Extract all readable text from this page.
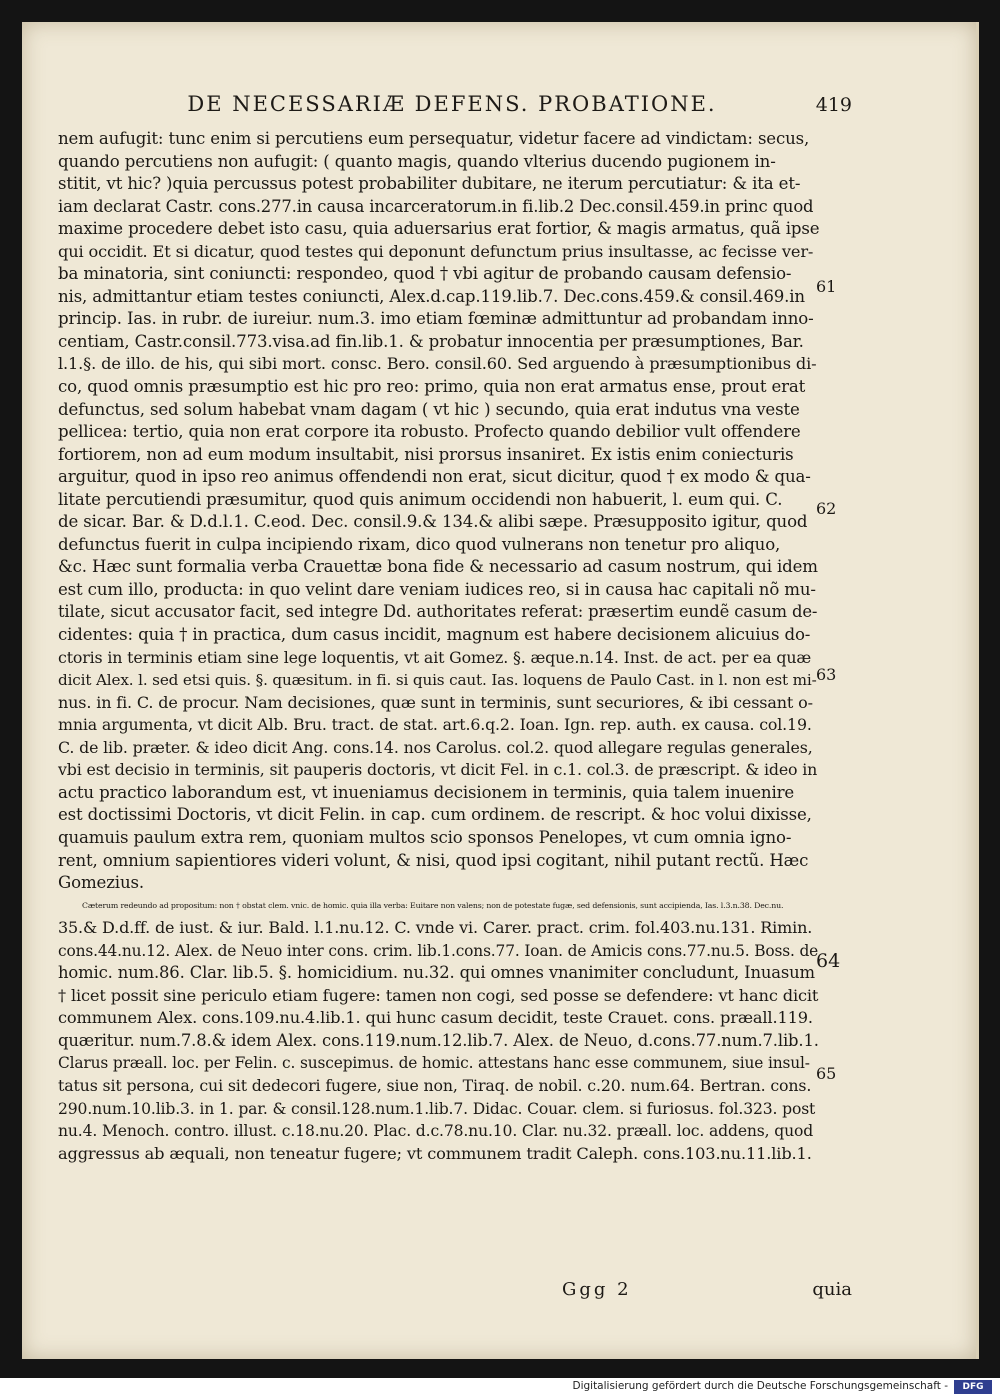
DE NECESSARIÆ DEFENS. PROBATIONE.	419
nem aufugit: tunc enim si percutiens eum persequatur, videtur facere ad vindictam: secus,
quando percutiens non aufugit: ( quanto magis, quando vlterius ducendo pugionem in-
stitit, vt hic? )quia percussus potest probabiliter dubitare, ne iterum percutiatur: & ita et-
iam declarat Castr. cons.277.in causa incarceratorum.in fi.lib.2 Dec.consil.459.in princ quod
maxime procedere debet isto casu, quia aduersarius erat fortior, & magis armatus, quã ipse
qui occidit. Et si dicatur, quod testes qui deponunt defunctum prius insultasse, ac fecisse ver-
ba minatoria, sint coniuncti: respondeo, quod † vbi agitur de probando causam defensio-
nis, admittantur etiam testes coniuncti, Alex.d.cap.119.lib.7. Dec.cons.459.& consil.469.in
princip. Ias. in rubr. de iureiur. num.3. imo etiam fœminæ admittuntur ad probandam inno-
centiam, Castr.consil.773.visa.ad fin.lib.1. & probatur innocentia per præsumptiones, Bar.
l.1.§. de illo. de his, qui sibi mort. consc. Bero. consil.60. Sed arguendo à præsumptionibus di-
co, quod omnis præsumptio est hic pro reo: primo, quia non erat armatus ense, prout erat
defunctus, sed solum habebat vnam dagam ( vt hic ) secundo, quia erat indutus vna veste
pellicea: tertio, quia non erat corpore ita robusto. Profecto quando debilior vult offendere
fortiorem, non ad eum modum insultabit, nisi prorsus insaniret. Ex istis enim coniecturis
arguitur, quod in ipso reo animus offendendi non erat, sicut dicitur, quod † ex modo & qua-
litate percutiendi præsumitur, quod quis animum occidendi non habuerit, l. eum qui. C.
de sicar. Bar. & D.d.l.1. C.eod. Dec. consil.9.& 134.& alibi sæpe. Præsupposito igitur, quod
defunctus fuerit in culpa incipiendo rixam, dico quod vulnerans non tenetur pro aliquo,
&c. Hæc sunt formalia verba Crauettæ bona fide & necessario ad casum nostrum, qui idem
est cum illo, producta: in quo velint dare veniam iudices reo, si in causa hac capitali nõ mu-
tilate, sicut accusator facit, sed integre Dd. authoritates referat: præsertim eundẽ casum de-
cidentes: quia † in practica, dum casus incidit, magnum est habere decisionem alicuius do-
ctoris in terminis etiam sine lege loquentis, vt ait Gomez. §. æque.n.14. Inst. de act. per ea quæ
dicit Alex. l. sed etsi quis. §. quæsitum. in fi. si quis caut. Ias. loquens de Paulo Cast. in l. non est mi-
nus. in fi. C. de procur. Nam decisiones, quæ sunt in terminis, sunt securiores, & ibi cessant o-
mnia argumenta, vt dicit Alb. Bru. tract. de stat. art.6.q.2. Ioan. Ign. rep. auth. ex causa. col.19.
C. de lib. præter. & ideo dicit Ang. cons.14. nos Carolus. col.2. quod allegare regulas generales,
vbi est decisio in terminis, sit pauperis doctoris, vt dicit Fel. in c.1. col.3. de præscript. & ideo in
actu practico laborandum est, vt inueniamus decisionem in terminis, quia talem inuenire
est doctissimi Doctoris, vt dicit Felin. in cap. cum ordinem. de rescript. & hoc volui dixisse,
quamuis paulum extra rem, quoniam multos scio sponsos Penelopes, vt cum omnia igno-
rent, omnium sapientiores videri volunt, & nisi, quod ipsi cogitant, nihil putant rectũ. Hæc
Gomezius.
Cæterum redeundo ad propositum: non † obstat clem. vnic. de homic. quia illa verba: Euitare non valens; non de potestate fugæ, sed defensionis, sunt accipienda, Ias. l.3.n.38. Dec.nu.
35.& D.d.ff. de iust. & iur. Bald. l.1.nu.12. C. vnde vi. Carer. pract. crim. fol.403.nu.131. Rimin.
cons.44.nu.12. Alex. de Neuo inter cons. crim. lib.1.cons.77. Ioan. de Amicis cons.77.nu.5. Boss. de
homic. num.86. Clar. lib.5. §. homicidium. nu.32. qui omnes vnanimiter concludunt, Inuasum
† licet possit sine periculo etiam fugere: tamen non cogi, sed posse se defendere: vt hanc dicit
communem Alex. cons.109.nu.4.lib.1. qui hunc casum decidit, teste Crauet. cons. præall.119.
quæritur. num.7.8.& idem Alex. cons.119.num.12.lib.7. Alex. de Neuo, d.cons.77.num.7.lib.1.
Clarus præall. loc. per Felin. c. suscepimus. de homic. attestans hanc esse communem, siue insul-
tatus sit persona, cui sit dedecori fugere, siue non, Tiraq. de nobil. c.20. num.64. Bertran. cons.
290.num.10.lib.3. in 1. par. & consil.128.num.1.lib.7. Didac. Couar. clem. si furiosus. fol.323. post
nu.4. Menoch. contro. illust. c.18.nu.20. Plac. d.c.78.nu.10. Clar. nu.32. præall. loc. addens, quod
aggressus ab æquali, non teneatur fugere; vt communem tradit Caleph. cons.103.nu.11.lib.1.
61
62
63
64
65
Ggg 2	quia
Digitalisierung gefördert durch die Deutsche Forschungsgemeinschaft -	DFG
